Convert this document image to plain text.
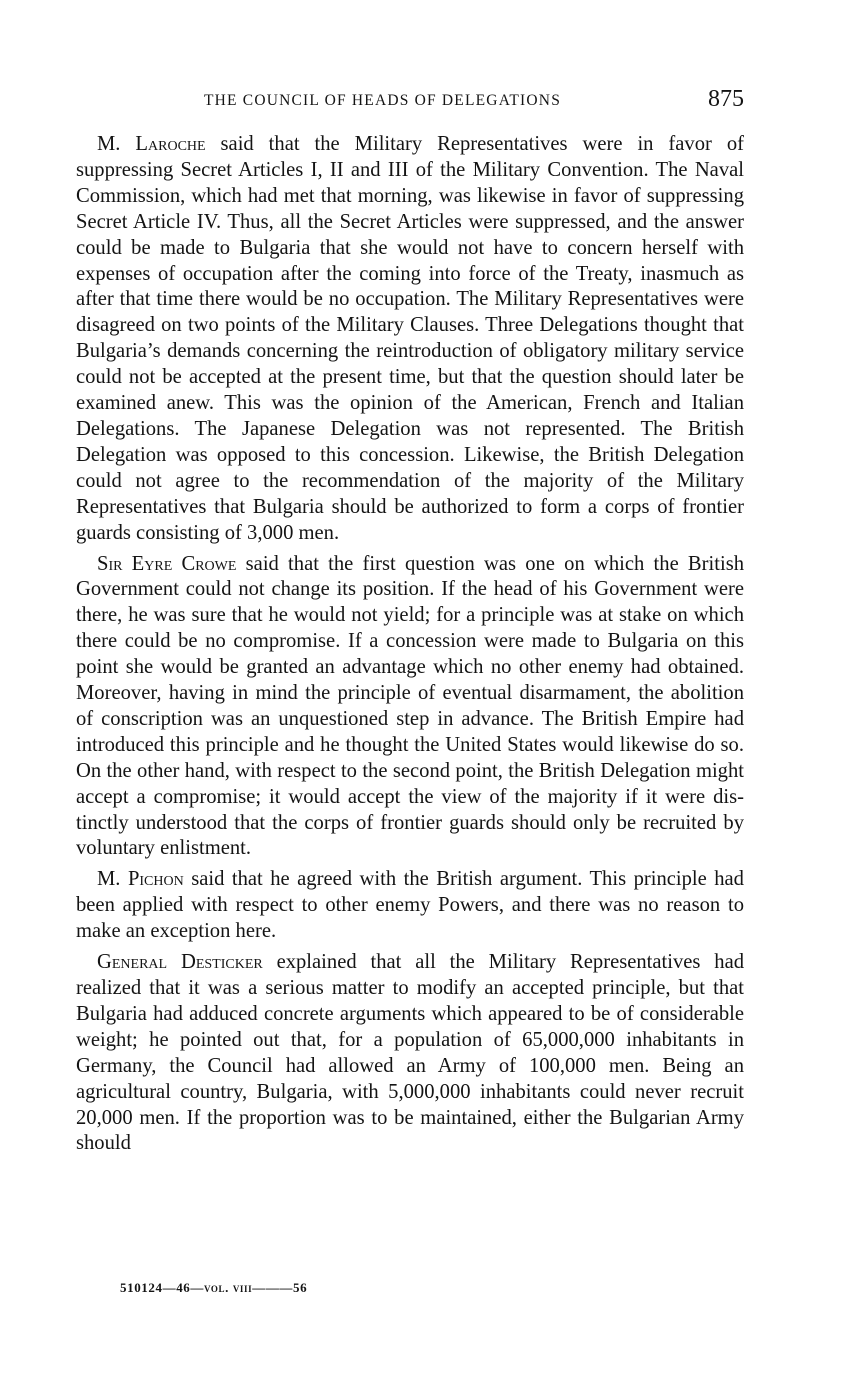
THE COUNCIL OF HEADS OF DELEGATIONS	875

M. Laroche said that the Military Representatives were in favor of suppressing Secret Articles I, II and III of the Military Convention. The Naval Commission, which had met that morning, was likewise in favor of suppressing Secret Article IV. Thus, all the Secret Articles were suppressed, and the answer could be made to Bulgaria that she would not have to concern herself with expenses of occupation after the coming into force of the Treaty, inasmuch as after that time there would be no occupation. The Military Representatives were disagreed on two points of the Military Clauses. Three Delegations thought that Bulgaria’s demands concerning the reintroduction of obligatory military service could not be accepted at the present time, but that the question should later be examined anew. This was the opinion of the American, French and Italian Delegations. The Japanese Delegation was not represented. The British Delegation was opposed to this concession. Likewise, the British Delegation could not agree to the recommendation of the majority of the Military Representatives that Bulgaria should be authorized to form a corps of frontier guards consisting of 3,000 men.

Sir Eyre Crowe said that the first question was one on which the British Government could not change its position. If the head of his Government were there, he was sure that he would not yield; for a principle was at stake on which there could be no compromise. If a concession were made to Bulgaria on this point she would be granted an advantage which no other enemy had obtained. Moreover, having in mind the principle of eventual disarmament, the abolition of conscription was an unquestioned step in advance. The British Empire had introduced this principle and he thought the United States would likewise do so. On the other hand, with respect to the second point, the British Delegation might accept a compromise; it would accept the view of the majority if it were distinctly understood that the corps of frontier guards should only be recruited by voluntary enlistment.

M. Pichon said that he agreed with the British argument. This principle had been applied with respect to other enemy Powers, and there was no reason to make an exception here.

General Desticker explained that all the Military Representatives had realized that it was a serious matter to modify an accepted principle, but that Bulgaria had adduced concrete arguments which appeared to be of considerable weight; he pointed out that, for a population of 65,000,000 inhabitants in Germany, the Council had allowed an Army of 100,000 men. Being an agricultural country, Bulgaria, with 5,000,000 inhabitants could never recruit 20,000 men. If the proportion was to be maintained, either the Bulgarian Army should

510124—46—vol. viii———56
